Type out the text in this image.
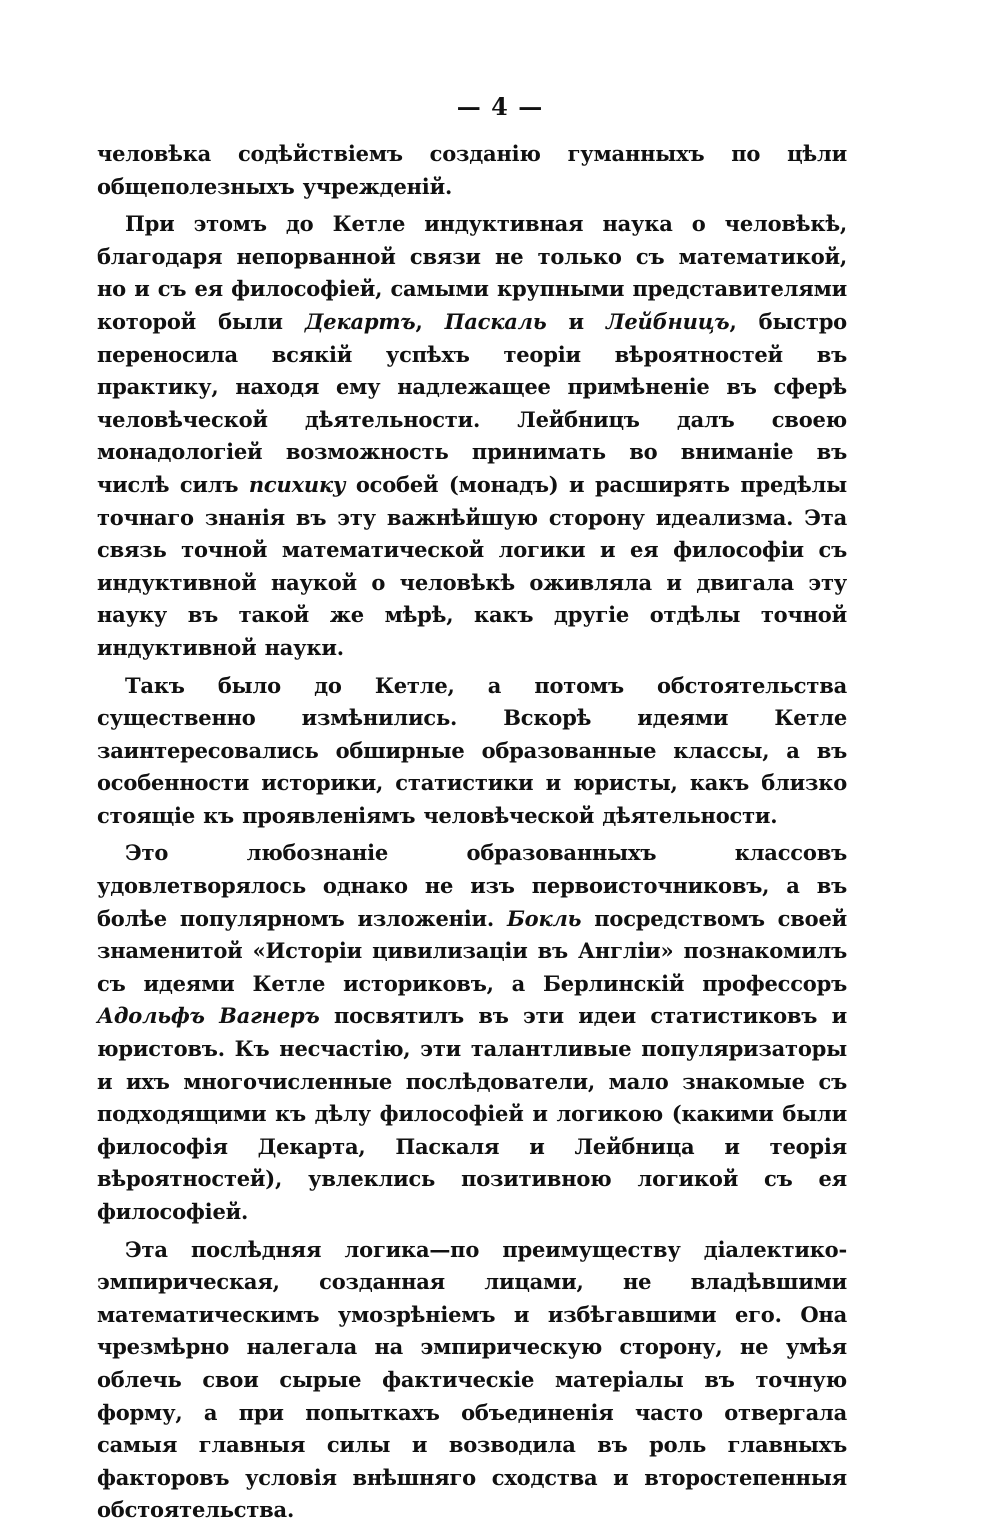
— 4 —

человѣка содѣйствіемъ созданію гуманныхъ по цѣли общеполезныхъ учрежденій.

При этомъ до Кетле индуктивная наука о человѣкѣ, благодаря непорванной связи не только съ математикой, но и съ ея философіей, самыми крупными представителями которой были Декартъ, Паскаль и Лейбницъ, быстро переносила всякій успѣхъ теоріи вѣроятностей въ практику, находя ему надлежащее примѣненіе въ сферѣ человѣческой дѣятельности. Лейбницъ далъ своею монадологіей возможность принимать во вниманіе въ числѣ силъ психику особей (монадъ) и расширять предѣлы точнаго знанія въ эту важнѣйшую сторону идеализма. Эта связь точной математической логики и ея философіи съ индуктивной наукой о человѣкѣ оживляла и двигала эту науку въ такой же мѣрѣ, какъ другіе отдѣлы точной индуктивной науки.

Такъ было до Кетле, а потомъ обстоятельства существенно измѣнились. Вскорѣ идеями Кетле заинтересовались обширные образованные классы, а въ особенности историки, статистики и юристы, какъ близко стоящіе къ проявленіямъ человѣческой дѣятельности.

Это любознаніе образованныхъ классовъ удовлетворялось однако не изъ первоисточниковъ, а въ болѣе популярномъ изложеніи. Бокль посредствомъ своей знаменитой «Исторіи цивилизаціи въ Англіи» познакомилъ съ идеями Кетле историковъ, а Берлинскій профессоръ Адольфъ Вагнеръ посвятилъ въ эти идеи статистиковъ и юристовъ. Къ несчастію, эти талантливые популяризаторы и ихъ многочисленные послѣдователи, мало знакомые съ подходящими къ дѣлу философіей и логикою (какими были философія Декарта, Паскаля и Лейбница и теорія вѣроятностей), увлеклись позитивною логикой съ ея философіей.

Эта послѣдняя логика—по преимуществу діалектико-эмпирическая, созданная лицами, не владѣвшими математическимъ умозрѣніемъ и избѣгавшими его. Она чрезмѣрно налегала на эмпирическую сторону, не умѣя облечь свои сырые фактическіе матеріалы въ точную форму, а при попыткахъ объединенія часто отвергала самыя главныя силы и возводила въ роль главныхъ факторовъ условія внѣшняго сходства и второстепенныя обстоятельства.
